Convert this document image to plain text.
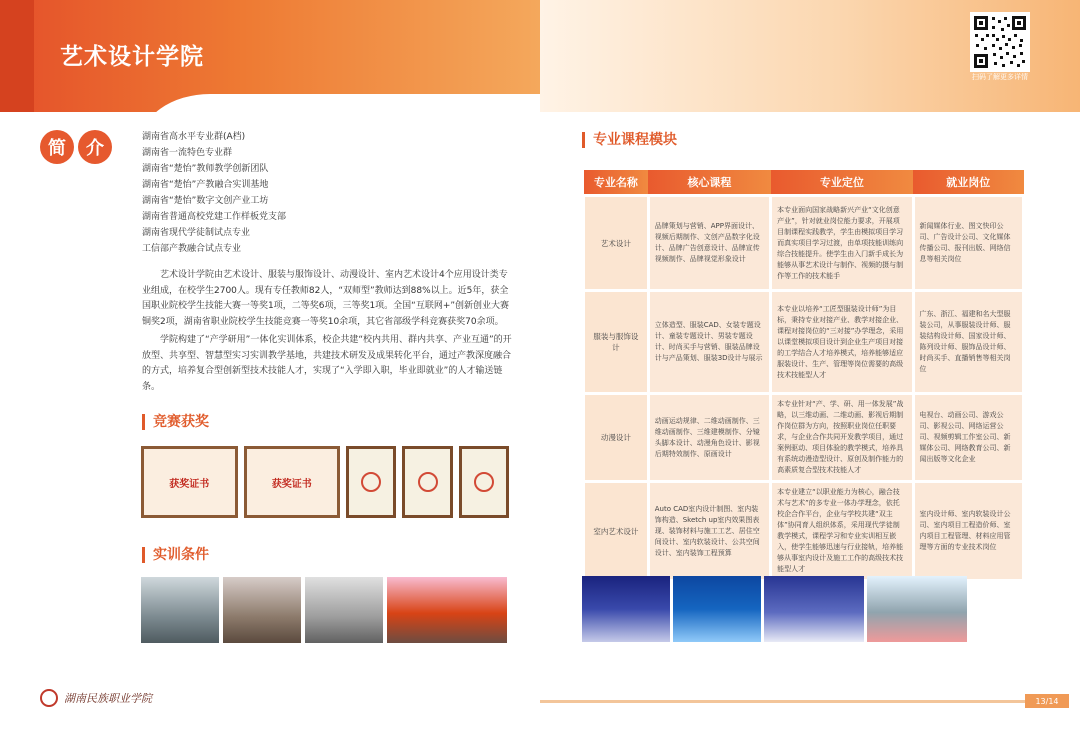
艺术设计学院
扫码了解更多详情
简	介
湖南省高水平专业群(A档)
湖南省一流特色专业群
湖南省“楚怡”教师教学创新团队
湖南省“楚怡”产教融合实训基地
湖南省“楚怡”数字文创产业工坊
湖南省普通高校党建工作样板党支部
湖南省现代学徒制试点专业
工信部产教融合试点专业

艺术设计学院由艺术设计、服装与服饰设计、动漫设计、室内艺术设计4个应用设计类专业组成，在校学生2700人。现有专任教师82人，“双师型”教师达到88%以上。近5年，获全国职业院校学生技能大赛一等奖1项，二等奖6项，三等奖1项。全国“互联网+”创新创业大赛铜奖2项，湖南省职业院校学生技能竞赛一等奖10余项，其它省部级学科竞赛获奖70余项。

学院构建了“产学研用”一体化实训体系，校企共建“校内共用、群内共享、产业互通”的开放型、共享型、智慧型实习实训教学基地，共建技术研发及成果转化平台，通过产教深度融合的方式，培养复合型创新型技术技能人才，实现了“入学即入职，毕业即就业”的人才输送链条。

竞赛获奖
获奖证书	获奖证书
实训条件
湖南民族职业学院
专业课程模块
专业名称	核心课程	专业定位	就业岗位
艺术设计	品牌策划与营销、APP界面设计、视频后期制作、文创产品数字化设计、品牌广告创意设计、品牌宣传视频制作、品牌视觉形象设计	本专业面向国家战略新兴产业“文化创意产业”，针对就业岗位能力要求，开展项目制课程实践教学，学生由模拟项目学习而真实项目学习过渡，由单项技能训练向综合技能提升。使学生由入门新手成长为能够从事艺术设计与制作、视频的摄与制作等工作的技术能手	新闻媒体行业、图文快印公司、广告设计公司、文化媒体传播公司、报刊出版、网络信息等相关岗位
服装与服饰设计	立体造型、服装CAD、女装专题设计、童装专题设计、男装专题设计、时尚买手与营销、服装品牌设计与产品策划、服装3D设计与展示	本专业以培养“工匠型服装设计师”为目标，秉持专业对接产业、教学对接企业、课程对接岗位的“三对接”办学理念，采用以课堂模拟项目设计到企业生产项目对接的工学结合人才培养模式，培养能够适应服装设计、生产、管理等岗位需要的高级技术技能型人才	广东、浙江、福建和名大型服装公司，从事服装设计师、服装结构设计师、国家设计师、陈列设计师、服饰品设计师、时尚买手、直播销售等相关岗位
动漫设计	动画运动规律、二维动画制作、三维动画制作、三维建模制作、分镜头脚本设计、动漫角色设计、影视后期特效制作、原画设计	本专业针对“产、学、研、用一体发展”战略，以三维动画、二维动画、影视后期制作岗位群为方向，按照职业岗位任职要求，与企业合作共同开发教学项目，通过案例驱动、项目体验的教学模式，培养具有系统动漫造型设计、原创及制作能力的高素质复合型技术技能人才	电视台、动画公司、游戏公司、影视公司、网络运营公司、视频剪辑工作室公司、新媒体公司、网络教育公司、新闻出版等文化企业
室内艺术设计	Auto CAD室内设计制图、室内装饰构造、Sketch up室内效果图表现、装饰材料与施工工艺、居住空间设计、室内软装设计、公共空间设计、室内装饰工程预算	本专业建立“以职业能力为核心，融合技术与艺术”的多专业一体办学理念，依托校企合作平台，企业与学校共建“双主体”协同育人组织体系，采用现代学徒制教学模式，课程学习和专业实训相互嵌入，使学生能够迅速与行业接轨，培养能够从事室内设计及施工工作的高级技术技能型人才	室内设计师、室内软装设计公司、室内项目工程造价师、室内项目工程管理、材料应用管理等方面的专业技术岗位
13/14
